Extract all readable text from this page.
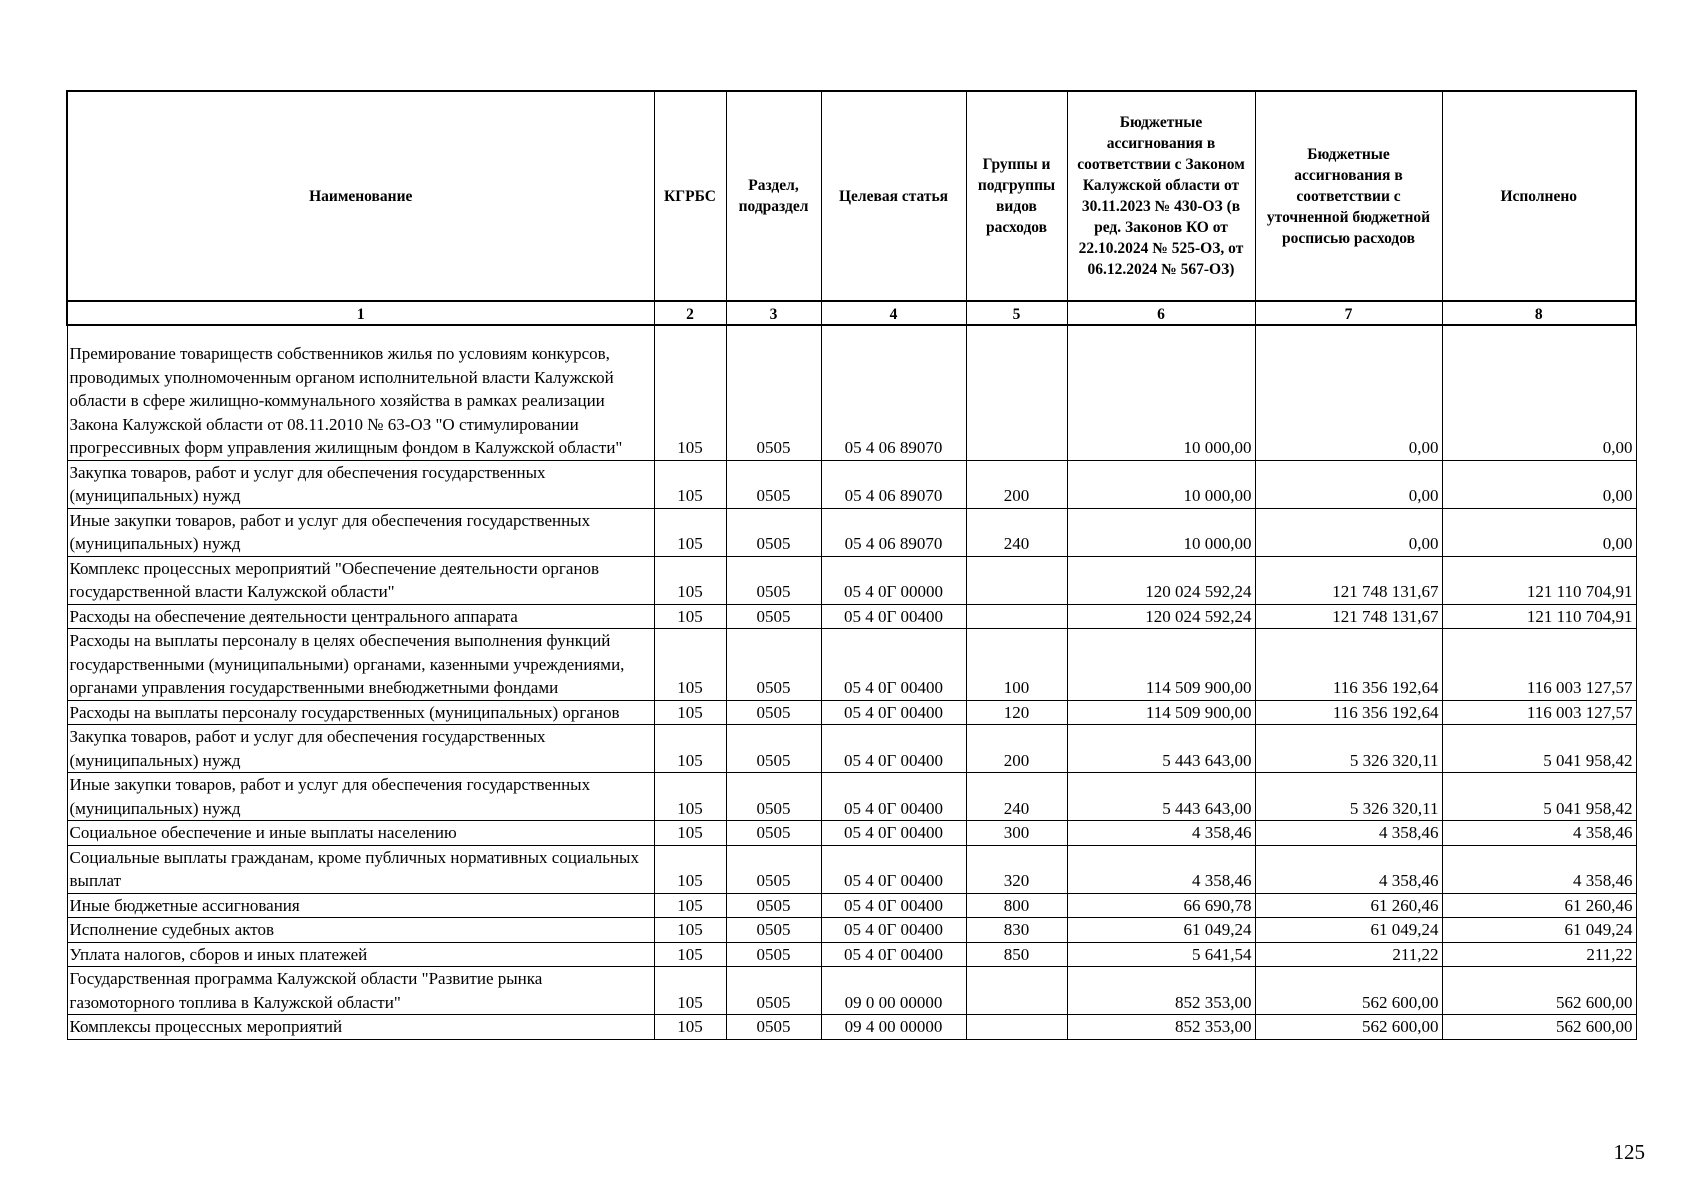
Наименование	КГРБС	Раздел, подраздел	Целевая статья	Группы и подгруппы видов расходов	Бюджетные ассигнования в соответствии с Законом Калужской области от 30.11.2023 № 430-ОЗ (в ред. Законов КО от 22.10.2024 № 525-ОЗ, от 06.12.2024 № 567-ОЗ)	Бюджетные ассигнования в соответствии с уточненной бюджетной росписью расходов	Исполнено
1	2	3	4	5	6	7	8
Премирование товариществ собственников жилья по условиям конкурсов, проводимых уполномоченным органом исполнительной власти Калужской области в сфере жилищно-коммунального хозяйства в рамках реализации Закона Калужской области от 08.11.2010 № 63-ОЗ "О стимулировании прогрессивных форм управления жилищным фондом в Калужской области"	105	0505	05 4 06 89070		10 000,00	0,00	0,00
Закупка товаров, работ и услуг для обеспечения государственных (муниципальных) нужд	105	0505	05 4 06 89070	200	10 000,00	0,00	0,00
Иные закупки товаров, работ и услуг для обеспечения государственных (муниципальных) нужд	105	0505	05 4 06 89070	240	10 000,00	0,00	0,00
Комплекс процессных мероприятий "Обеспечение деятельности органов государственной власти Калужской области"	105	0505	05 4 0Г 00000		120 024 592,24	121 748 131,67	121 110 704,91
Расходы на обеспечение деятельности центрального аппарата	105	0505	05 4 0Г 00400		120 024 592,24	121 748 131,67	121 110 704,91
Расходы на выплаты персоналу в целях обеспечения выполнения функций государственными (муниципальными) органами, казенными учреждениями, органами управления государственными внебюджетными фондами	105	0505	05 4 0Г 00400	100	114 509 900,00	116 356 192,64	116 003 127,57
Расходы на выплаты персоналу государственных (муниципальных) органов	105	0505	05 4 0Г 00400	120	114 509 900,00	116 356 192,64	116 003 127,57
Закупка товаров, работ и услуг для обеспечения государственных (муниципальных) нужд	105	0505	05 4 0Г 00400	200	5 443 643,00	5 326 320,11	5 041 958,42
Иные закупки товаров, работ и услуг для обеспечения государственных (муниципальных) нужд	105	0505	05 4 0Г 00400	240	5 443 643,00	5 326 320,11	5 041 958,42
Социальное обеспечение и иные выплаты населению	105	0505	05 4 0Г 00400	300	4 358,46	4 358,46	4 358,46
Социальные выплаты гражданам, кроме публичных нормативных социальных выплат	105	0505	05 4 0Г 00400	320	4 358,46	4 358,46	4 358,46
Иные бюджетные ассигнования	105	0505	05 4 0Г 00400	800	66 690,78	61 260,46	61 260,46
Исполнение судебных актов	105	0505	05 4 0Г 00400	830	61 049,24	61 049,24	61 049,24
Уплата налогов, сборов и иных платежей	105	0505	05 4 0Г 00400	850	5 641,54	211,22	211,22
Государственная программа Калужской области "Развитие рынка газомоторного топлива в Калужской области"	105	0505	09 0 00 00000		852 353,00	562 600,00	562 600,00
Комплексы процессных мероприятий	105	0505	09 4 00 00000		852 353,00	562 600,00	562 600,00
125
